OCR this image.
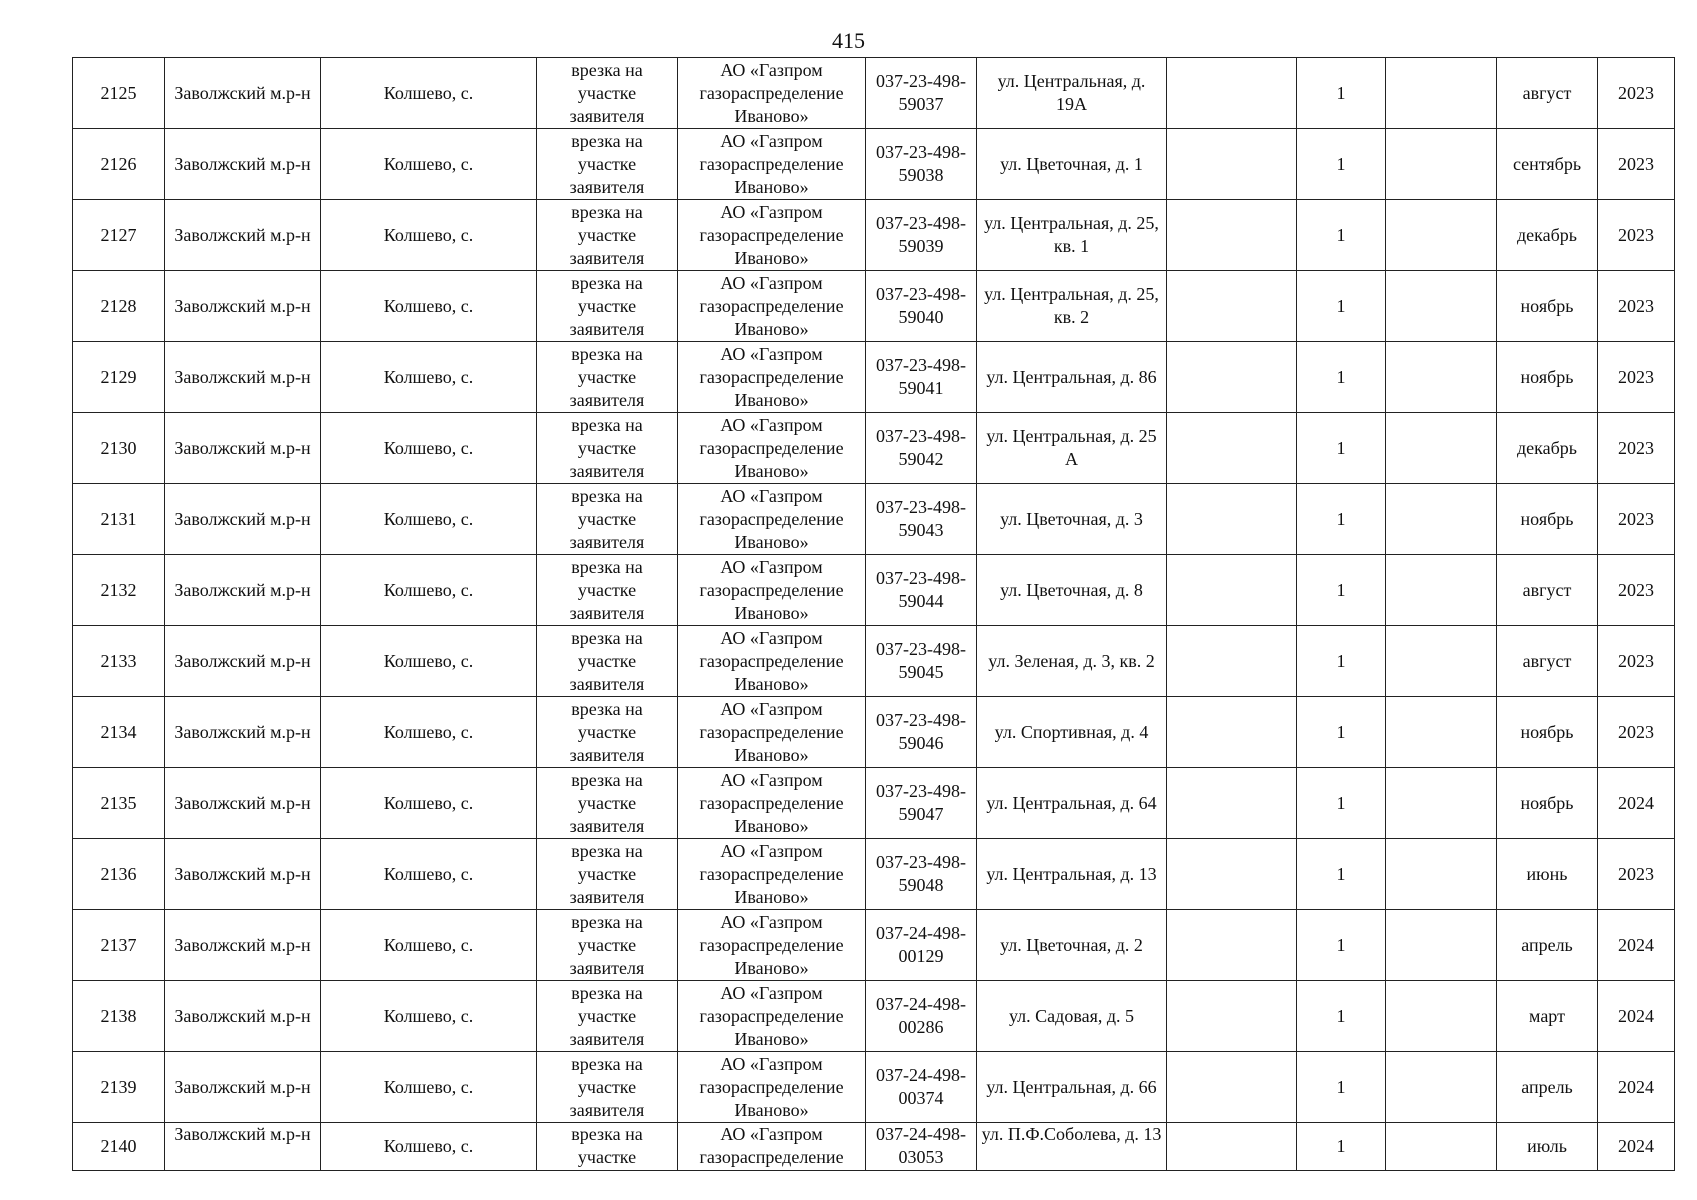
415
2125	Заволжский м.р-н	Колшево, с.	врезка на участке заявителя	АО «Газпром газораспределение Иваново»	037-23-498-59037	ул. Центральная, д. 19А		1		август	2023
2126	Заволжский м.р-н	Колшево, с.	врезка на участке заявителя	АО «Газпром газораспределение Иваново»	037-23-498-59038	ул. Цветочная, д. 1		1		сентябрь	2023
2127	Заволжский м.р-н	Колшево, с.	врезка на участке заявителя	АО «Газпром газораспределение Иваново»	037-23-498-59039	ул. Центральная, д. 25, кв. 1		1		декабрь	2023
2128	Заволжский м.р-н	Колшево, с.	врезка на участке заявителя	АО «Газпром газораспределение Иваново»	037-23-498-59040	ул. Центральная, д. 25, кв. 2		1		ноябрь	2023
2129	Заволжский м.р-н	Колшево, с.	врезка на участке заявителя	АО «Газпром газораспределение Иваново»	037-23-498-59041	ул. Центральная, д. 86		1		ноябрь	2023
2130	Заволжский м.р-н	Колшево, с.	врезка на участке заявителя	АО «Газпром газораспределение Иваново»	037-23-498-59042	ул. Центральная, д. 25 А		1		декабрь	2023
2131	Заволжский м.р-н	Колшево, с.	врезка на участке заявителя	АО «Газпром газораспределение Иваново»	037-23-498-59043	ул. Цветочная, д. 3		1		ноябрь	2023
2132	Заволжский м.р-н	Колшево, с.	врезка на участке заявителя	АО «Газпром газораспределение Иваново»	037-23-498-59044	ул. Цветочная, д. 8		1		август	2023
2133	Заволжский м.р-н	Колшево, с.	врезка на участке заявителя	АО «Газпром газораспределение Иваново»	037-23-498-59045	ул. Зеленая, д. 3, кв. 2		1		август	2023
2134	Заволжский м.р-н	Колшево, с.	врезка на участке заявителя	АО «Газпром газораспределение Иваново»	037-23-498-59046	ул. Спортивная, д. 4		1		ноябрь	2023
2135	Заволжский м.р-н	Колшево, с.	врезка на участке заявителя	АО «Газпром газораспределение Иваново»	037-23-498-59047	ул. Центральная, д. 64		1		ноябрь	2024
2136	Заволжский м.р-н	Колшево, с.	врезка на участке заявителя	АО «Газпром газораспределение Иваново»	037-23-498-59048	ул. Центральная, д. 13		1		июнь	2023
2137	Заволжский м.р-н	Колшево, с.	врезка на участке заявителя	АО «Газпром газораспределение Иваново»	037-24-498-00129	ул. Цветочная, д. 2		1		апрель	2024
2138	Заволжский м.р-н	Колшево, с.	врезка на участке заявителя	АО «Газпром газораспределение Иваново»	037-24-498-00286	ул. Садовая, д. 5		1		март	2024
2139	Заволжский м.р-н	Колшево, с.	врезка на участке заявителя	АО «Газпром газораспределение Иваново»	037-24-498-00374	ул. Центральная, д. 66		1		апрель	2024
2140	Заволжский м.р-н	Колшево, с.	врезка на участке	АО «Газпром газораспределение	037-24-498-03053	ул. П.Ф.Соболева, д. 13		1		июль	2024
